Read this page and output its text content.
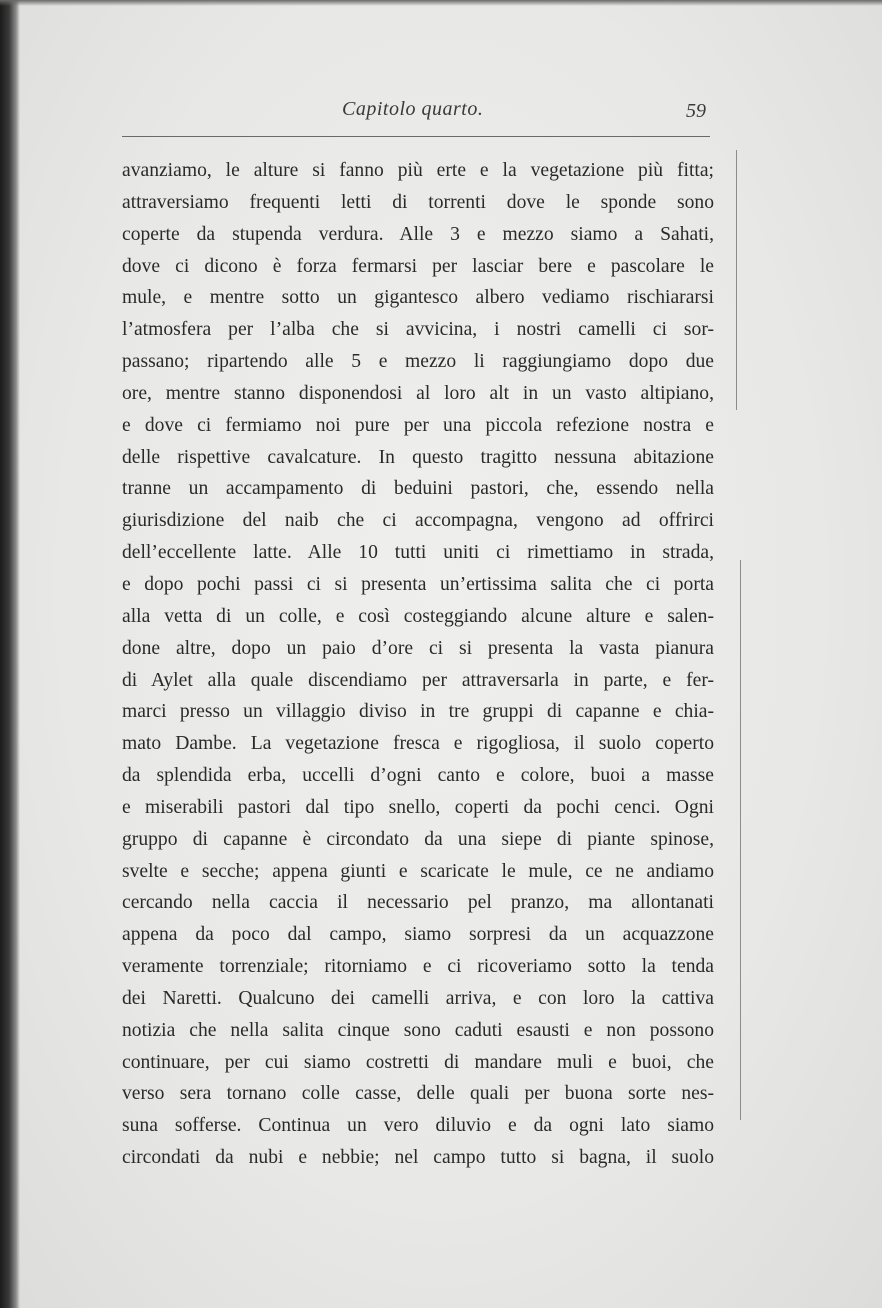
Capitolo quarto.	59
avanziamo, le alture si fanno più erte e la vegetazione più fitta;
attraversiamo frequenti letti di torrenti dove le sponde sono
coperte da stupenda verdura. Alle 3 e mezzo siamo a Sahati,
dove ci dicono è forza fermarsi per lasciar bere e pascolare le
mule, e mentre sotto un gigantesco albero vediamo rischiararsi
l’atmosfera per l’alba che si avvicina, i nostri camelli ci sor-
passano; ripartendo alle 5 e mezzo li raggiungiamo dopo due
ore, mentre stanno disponendosi al loro alt in un vasto altipiano,
e dove ci fermiamo noi pure per una piccola refezione nostra e
delle rispettive cavalcature. In questo tragitto nessuna abitazione
tranne un accampamento di beduini pastori, che, essendo nella
giurisdizione del naib che ci accompagna, vengono ad offrirci
dell’eccellente latte. Alle 10 tutti uniti ci rimettiamo in strada,
e dopo pochi passi ci si presenta un’ertissima salita che ci porta
alla vetta di un colle, e così costeggiando alcune alture e salen-
done altre, dopo un paio d’ore ci si presenta la vasta pianura
di Aylet alla quale discendiamo per attraversarla in parte, e fer-
marci presso un villaggio diviso in tre gruppi di capanne e chia-
mato Dambe. La vegetazione fresca e rigogliosa, il suolo coperto
da splendida erba, uccelli d’ogni canto e colore, buoi a masse
e miserabili pastori dal tipo snello, coperti da pochi cenci. Ogni
gruppo di capanne è circondato da una siepe di piante spinose,
svelte e secche; appena giunti e scaricate le mule, ce ne andiamo
cercando nella caccia il necessario pel pranzo, ma allontanati
appena da poco dal campo, siamo sorpresi da un acquazzone
veramente torrenziale; ritorniamo e ci ricoveriamo sotto la tenda
dei Naretti. Qualcuno dei camelli arriva, e con loro la cattiva
notizia che nella salita cinque sono caduti esausti e non possono
continuare, per cui siamo costretti di mandare muli e buoi, che
verso sera tornano colle casse, delle quali per buona sorte nes-
suna sofferse. Continua un vero diluvio e da ogni lato siamo
circondati da nubi e nebbie; nel campo tutto si bagna, il suolo
